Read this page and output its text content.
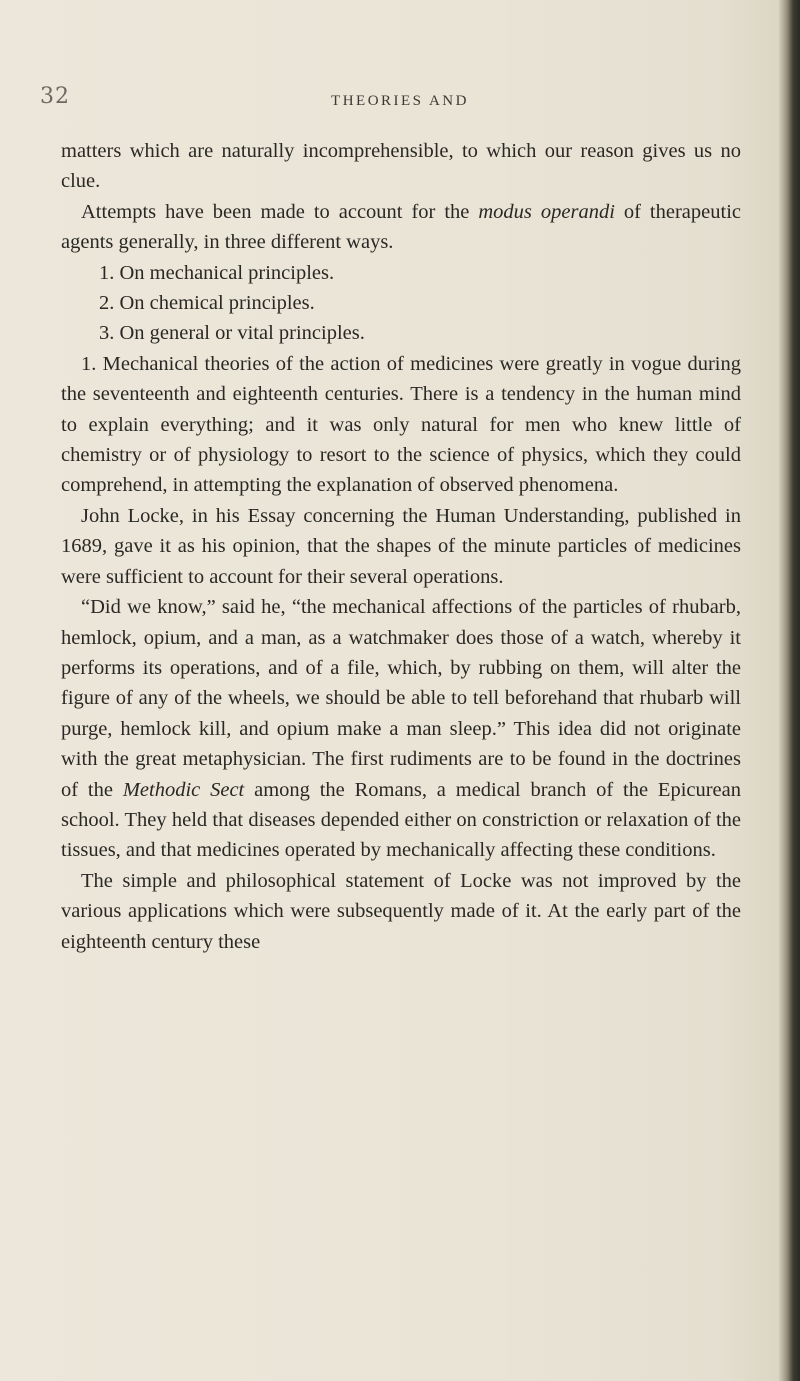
32	THEORIES AND

matters which are naturally incomprehensible, to which our reason gives us no clue.

Attempts have been made to account for the modus operandi of therapeutic agents generally, in three different ways.

1. On mechanical principles.

2. On chemical principles.

3. On general or vital principles.

1. Mechanical theories of the action of medicines were greatly in vogue during the seventeenth and eighteenth centuries. There is a tendency in the human mind to explain everything; and it was only natural for men who knew little of chemistry or of physiology to resort to the science of physics, which they could comprehend, in attempting the explanation of observed phenomena.

John Locke, in his Essay concerning the Human Understanding, published in 1689, gave it as his opinion, that the shapes of the minute particles of medicines were sufficient to account for their several operations.

“Did we know,” said he, “the mechanical affections of the particles of rhubarb, hemlock, opium, and a man, as a watchmaker does those of a watch, whereby it performs its operations, and of a file, which, by rubbing on them, will alter the figure of any of the wheels, we should be able to tell beforehand that rhubarb will purge, hemlock kill, and opium make a man sleep.” This idea did not originate with the great metaphysician. The first rudiments are to be found in the doctrines of the Methodic Sect among the Romans, a medical branch of the Epicurean school. They held that diseases depended either on constriction or relaxation of the tissues, and that medicines operated by mechanically affecting these conditions.

The simple and philosophical statement of Locke was not improved by the various applications which were subsequently made of it. At the early part of the eighteenth century these
